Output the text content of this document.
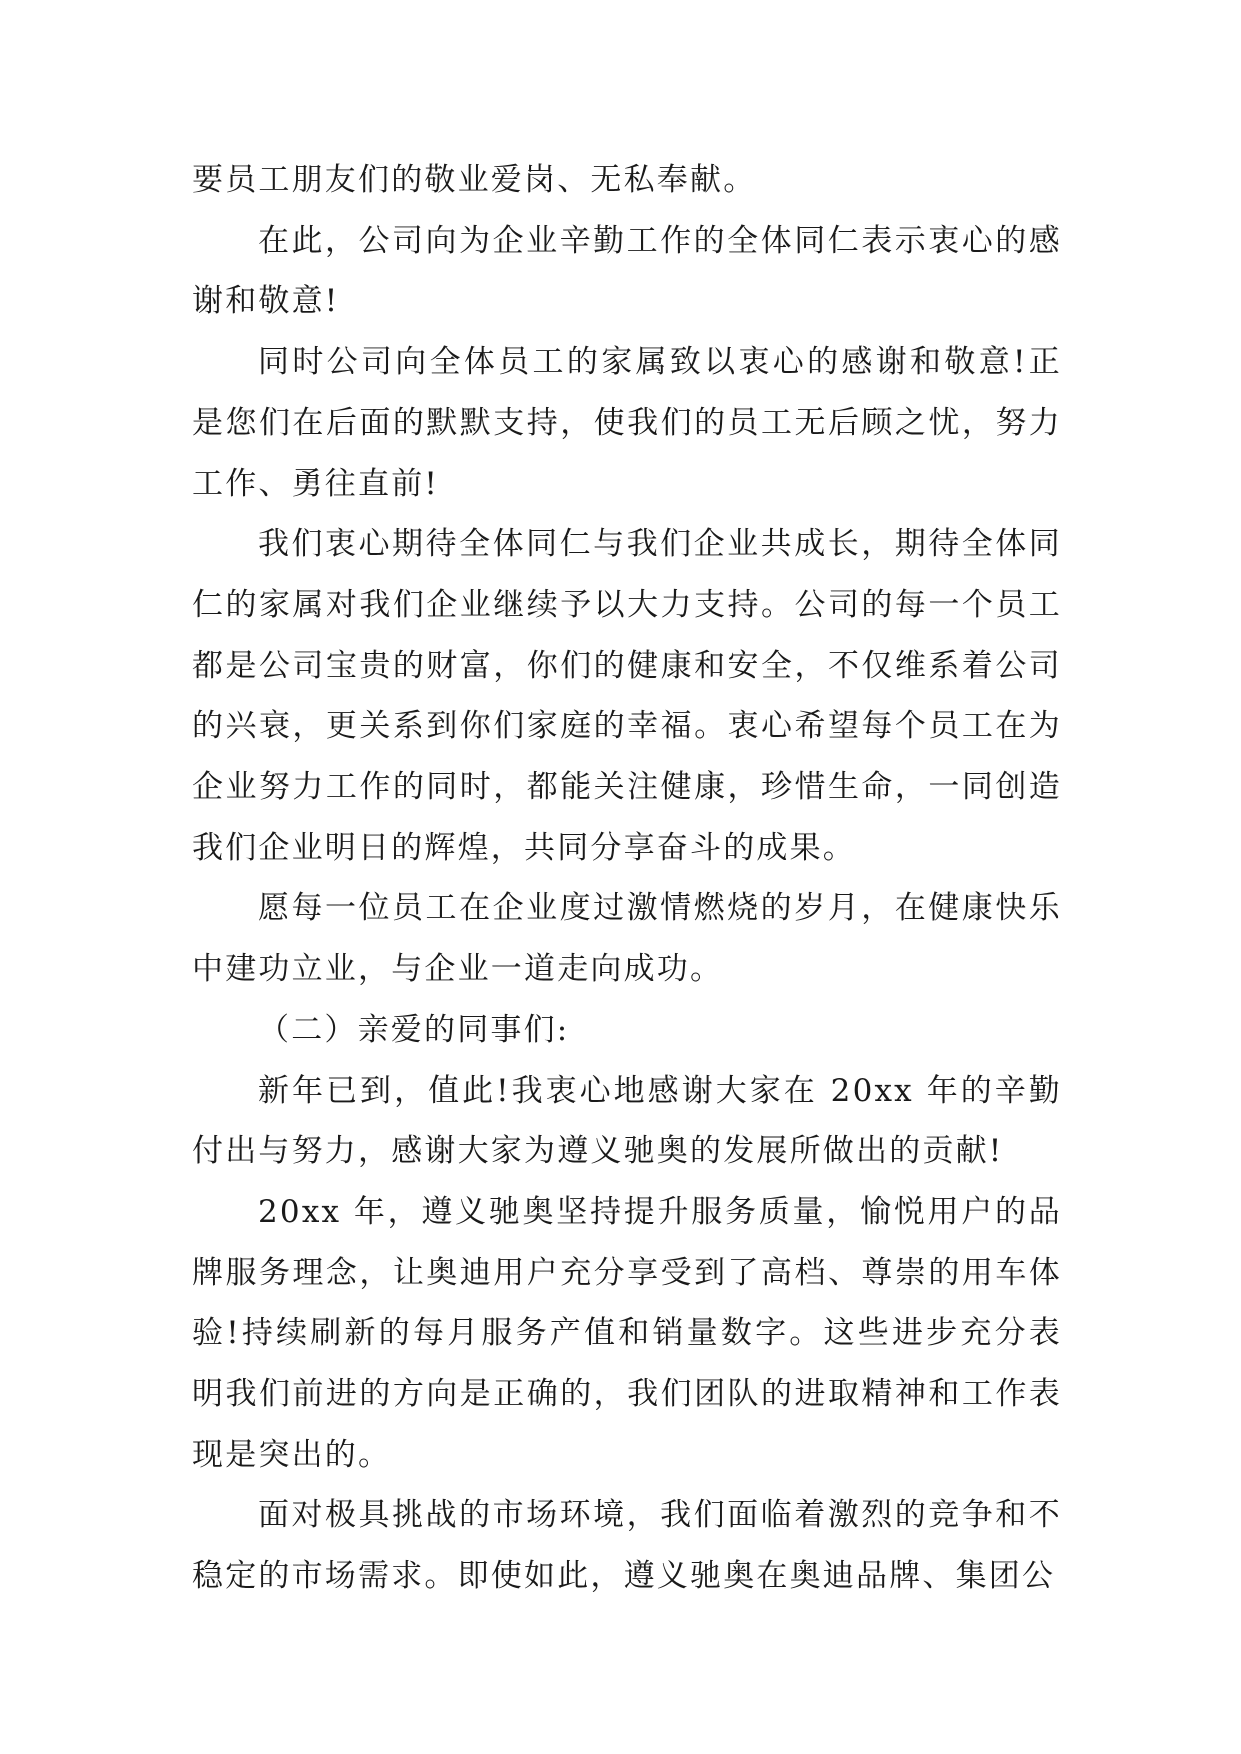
要员工朋友们的敬业爱岗、无私奉献。

在此，公司向为企业辛勤工作的全体同仁表示衷心的感谢和敬意!

同时公司向全体员工的家属致以衷心的感谢和敬意!正是您们在后面的默默支持，使我们的员工无后顾之忧，努力工作、勇往直前!

我们衷心期待全体同仁与我们企业共成长，期待全体同仁的家属对我们企业继续予以大力支持。公司的每一个员工都是公司宝贵的财富，你们的健康和安全，不仅维系着公司的兴衰，更关系到你们家庭的幸福。衷心希望每个员工在为企业努力工作的同时，都能关注健康，珍惜生命，一同创造我们企业明日的辉煌，共同分享奋斗的成果。

愿每一位员工在企业度过激情燃烧的岁月，在健康快乐中建功立业，与企业一道走向成功。

（二）亲爱的同事们:

新年已到，值此!我衷心地感谢大家在 20xx 年的辛勤付出与努力，感谢大家为遵义驰奥的发展所做出的贡献!

20xx 年，遵义驰奥坚持提升服务质量，愉悦用户的品牌服务理念，让奥迪用户充分享受到了高档、尊崇的用车体验!持续刷新的每月服务产值和销量数字。这些进步充分表明我们前进的方向是正确的，我们团队的进取精神和工作表现是突出的。

面对极具挑战的市场环境，我们面临着激烈的竞争和不稳定的市场需求。即使如此，遵义驰奥在奥迪品牌、集团公
